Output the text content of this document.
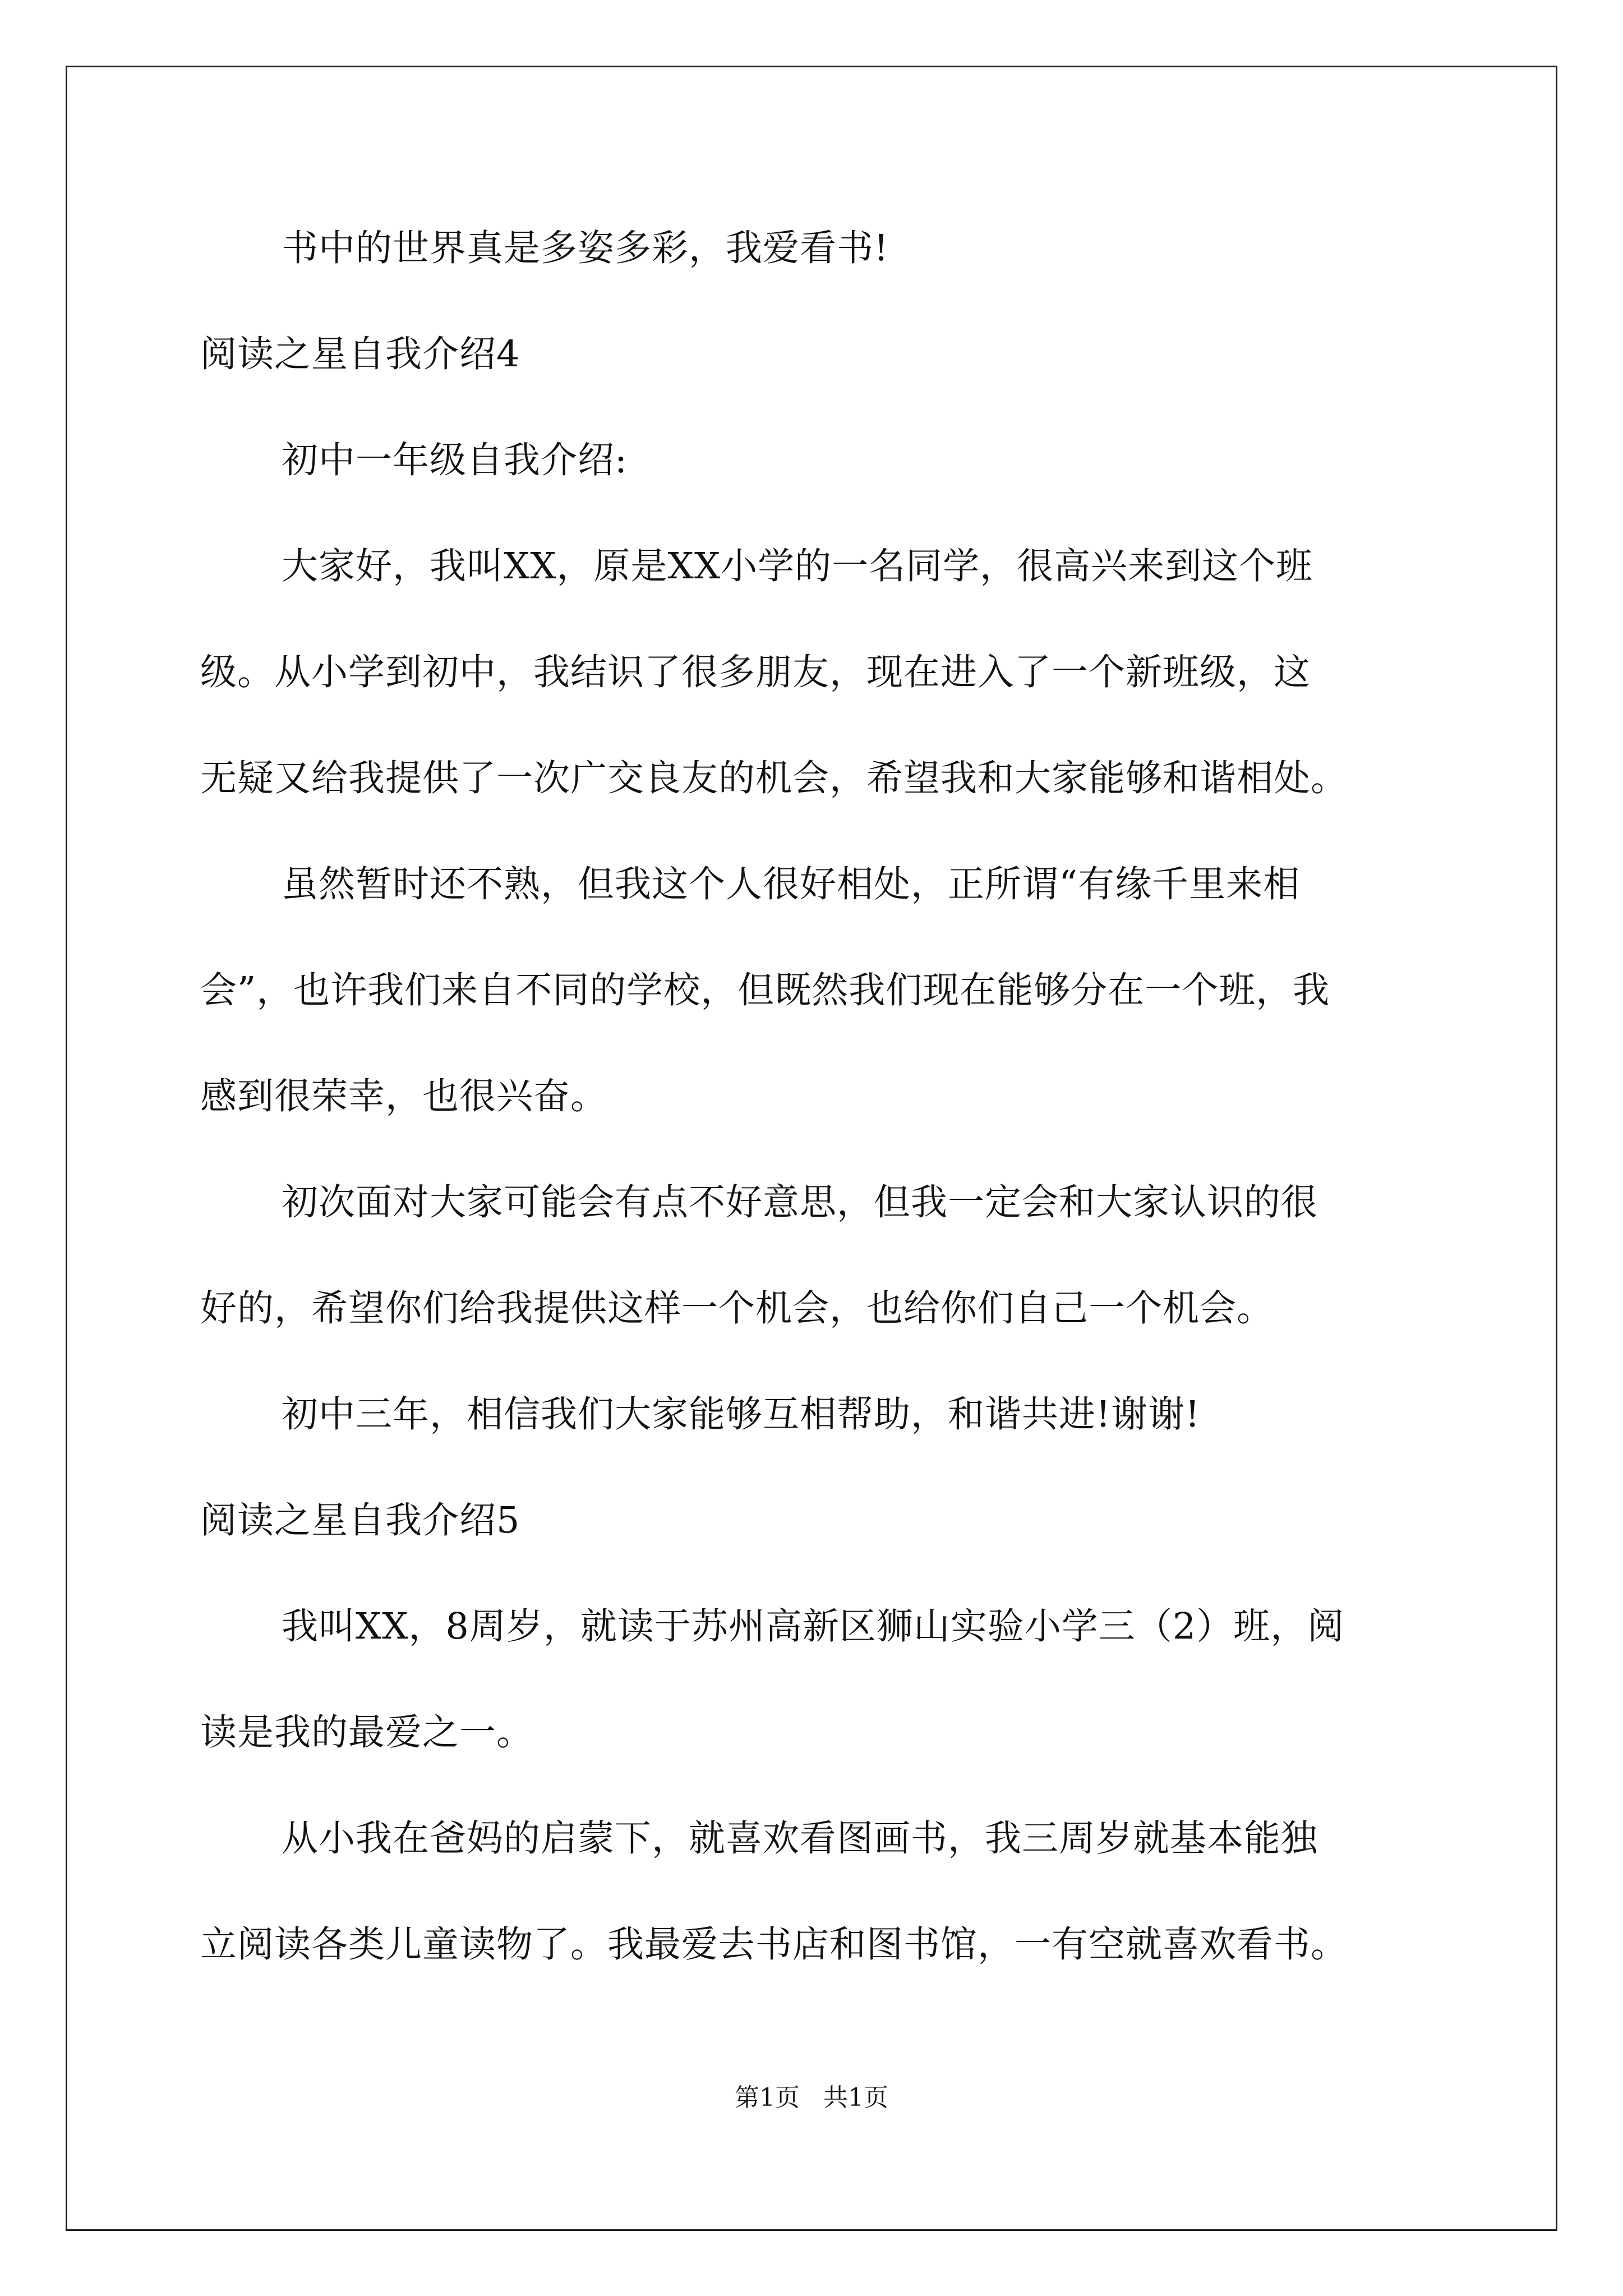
书中的世界真是多姿多彩，我爱看书!
阅读之星自我介绍4
初中一年级自我介绍:
大家好，我叫XX，原是XX小学的一名同学，很高兴来到这个班
级。从小学到初中，我结识了很多朋友，现在进入了一个新班级，这
无疑又给我提供了一次广交良友的机会，希望我和大家能够和谐相处。
虽然暂时还不熟，但我这个人很好相处，正所谓“有缘千里来相
会”，也许我们来自不同的学校，但既然我们现在能够分在一个班，我
感到很荣幸，也很兴奋。
初次面对大家可能会有点不好意思，但我一定会和大家认识的很
好的，希望你们给我提供这样一个机会，也给你们自己一个机会。
初中三年，相信我们大家能够互相帮助，和谐共进!谢谢!
阅读之星自我介绍5
我叫XX，8周岁，就读于苏州高新区狮山实验小学三（2）班，阅
读是我的最爱之一。
从小我在爸妈的启蒙下，就喜欢看图画书，我三周岁就基本能独
立阅读各类儿童读物了。我最爱去书店和图书馆，一有空就喜欢看书。
第1页   共1页
